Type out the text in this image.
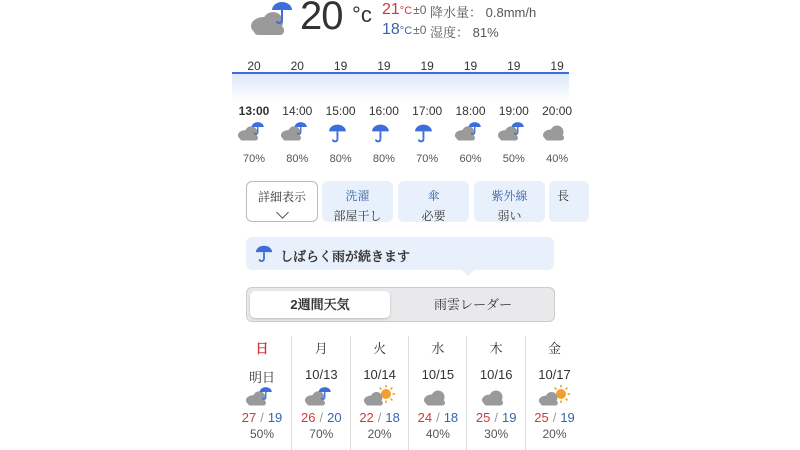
20 °c 21°C±0
18°C±0
降水量： 0.8mm/h
湿度： 81%
20
13:00
70%
20
14:00
80%
19
15:00
80%
19
16:00
80%
19
17:00
70%
19
18:00
60%
19
19:00
50%
19
20:00
40%
詳細表示	洗濯
部屋干し
傘
必要
紫外線
弱い
長
しばらく雨が続きます
2週間天気	雨雲レーダー
日
明日
27 / 19
50%
月
10/13
26 / 20
70%
火
10/14
22 / 18
20%
水
10/15
24 / 18
40%
木
10/16
25 / 19
30%
金
10/17
25 / 19
20%
